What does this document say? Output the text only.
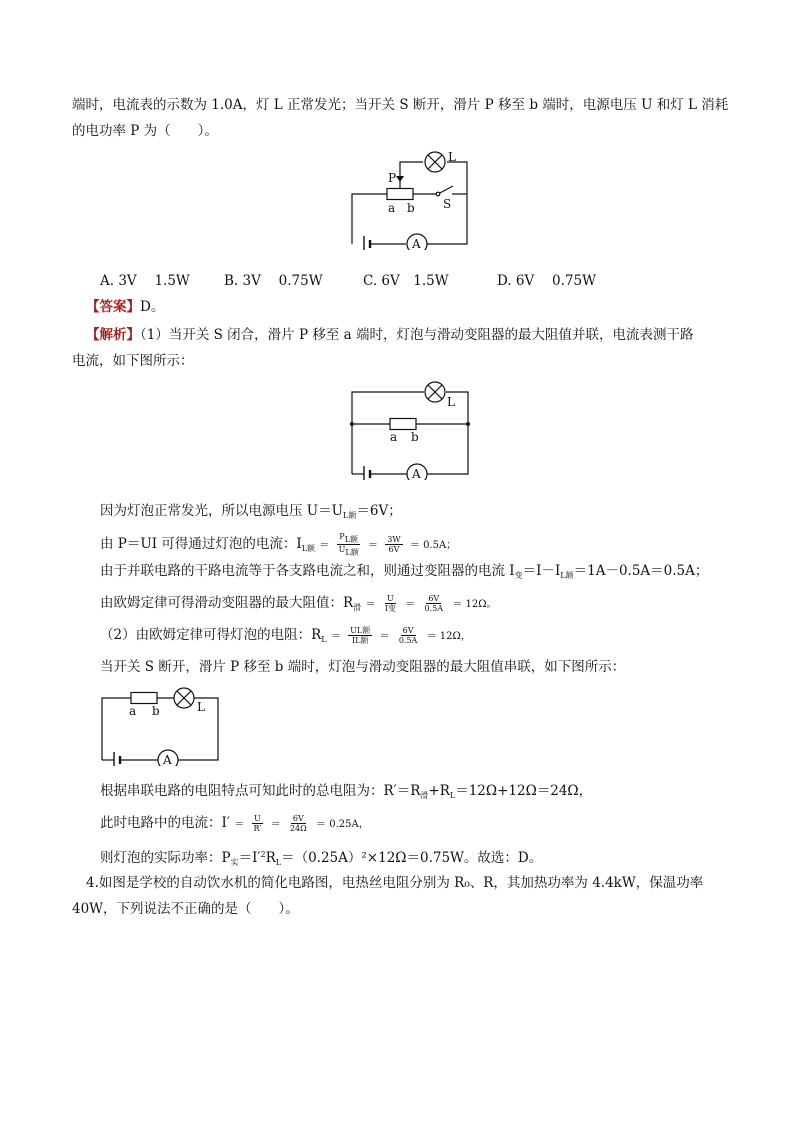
端时，电流表的示数为 1.0A，灯 L 正常发光；当开关 S 断开，滑片 P 移至 b 端时，电源电压 U 和灯 L 消耗
的电功率 P 为（　　）。
P
L
a b S
A
A. 3V　 1.5W	B. 3V　 0.75W	C. 6V　1.5W	D. 6V　 0.75W
【答案】D。
【解析】（1）当开关 S 闭合，滑片 P 移至 a 端时，灯泡与滑动变阻器的最大阻值并联，电流表测干路
电流，如下图所示：
L
a b
A
因为灯泡正常发光，所以电源电压 $U=U_{L额}=6V$；
由 P＝UI 可得通过灯泡的电流：$I_{L额} = \frac{\text{PL额}}{\text{UL额}} = \frac{3W}{6V} = 0.5A$；
由于并联电路的干路电流等于各支路电流之和，则通过变阻器的电流 $I_变=I-I_{L额}=1A-0.5A=0.5A$；
由欧姆定律可得滑动变阻器的最大阻值：$R_滑 = \frac{U}{\text{I变}} = \frac{6V}{0.5A} = 12\Omega$。
（2）由欧姆定律可得灯泡的电阻：$R_L = \frac{\text{UL额}}{\text{IL额}} = \frac{6V}{0.5A} = 12\Omega$，
当开关 S 断开，滑片 P 移至 b 端时，灯泡与滑动变阻器的最大阻值串联，如下图所示：
a b	L
A
根据串联电路的电阻特点可知此时的总电阻为：$R'=R_滑+R_L=12\Omega+12\Omega=24\Omega$，
此时电路中的电流：$I' = \frac{U}{R'} = \frac{6V}{24\Omega} = 0.25A$，
则灯泡的实际功率：$P_实=I'^2R_L=(0.25A)^2\times 12\Omega=0.75W$。故选：D。
4.如图是学校的自动饮水机的简化电路图，电热丝电阻分别为 R₀、R，其加热功率为 4.4kW，保温功率
40W，下列说法不正确的是（　　）。
